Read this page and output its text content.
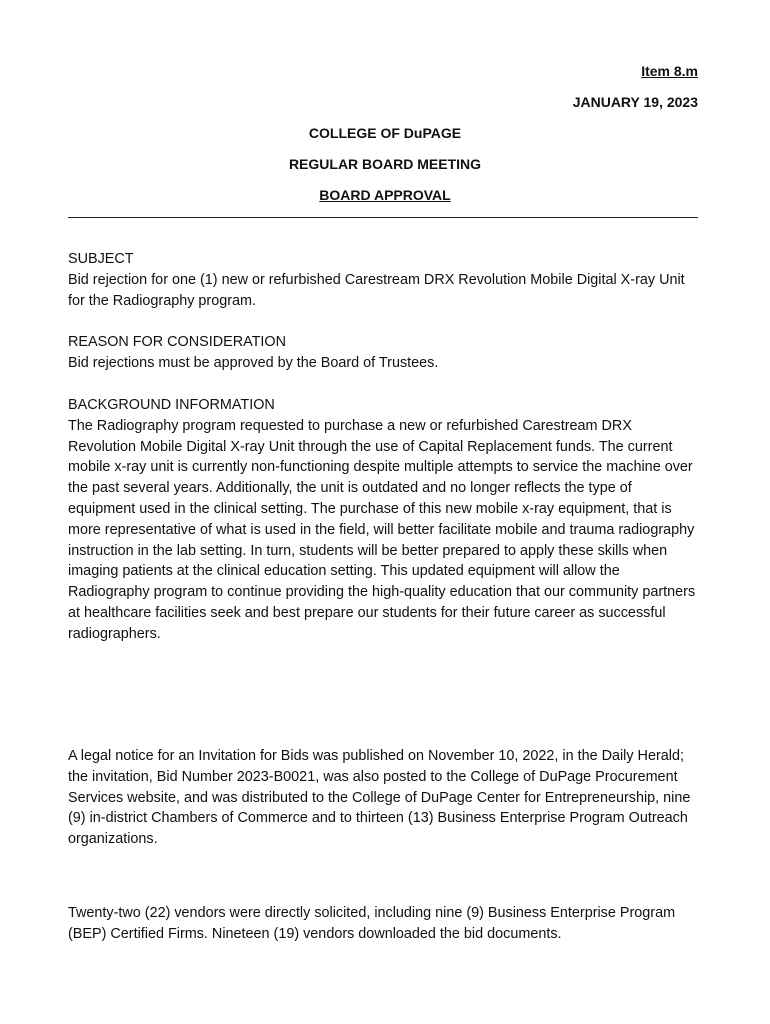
Item 8.m
JANUARY 19, 2023
COLLEGE OF DuPAGE
REGULAR BOARD MEETING
BOARD APPROVAL

SUBJECT

Bid rejection for one (1) new or refurbished Carestream DRX Revolution Mobile Digital X-ray Unit for the Radiography program.

REASON FOR CONSIDERATION

Bid rejections must be approved by the Board of Trustees.

BACKGROUND INFORMATION

The Radiography program requested to purchase a new or refurbished Carestream DRX Revolution Mobile Digital X-ray Unit through the use of Capital Replacement funds. The current mobile x-ray unit is currently non-functioning despite multiple attempts to service the machine over the past several years. Additionally, the unit is outdated and no longer reflects the type of equipment used in the clinical setting. The purchase of this new mobile x-ray equipment, that is more representative of what is used in the field, will better facilitate mobile and trauma radiography instruction in the lab setting. In turn, students will be better prepared to apply these skills when imaging patients at the clinical education setting. This updated equipment will allow the Radiography program to continue providing the high-quality education that our community partners at healthcare facilities seek and best prepare our students for their future career as successful radiographers.

A legal notice for an Invitation for Bids was published on November 10, 2022, in the Daily Herald; the invitation, Bid Number 2023-B0021, was also posted to the College of DuPage Procurement Services website, and was distributed to the College of DuPage Center for Entrepreneurship, nine (9) in-district Chambers of Commerce and to thirteen (13) Business Enterprise Program Outreach organizations.

Twenty-two (22) vendors were directly solicited, including nine (9) Business Enterprise Program (BEP) Certified Firms. Nineteen (19) vendors downloaded the bid documents.
